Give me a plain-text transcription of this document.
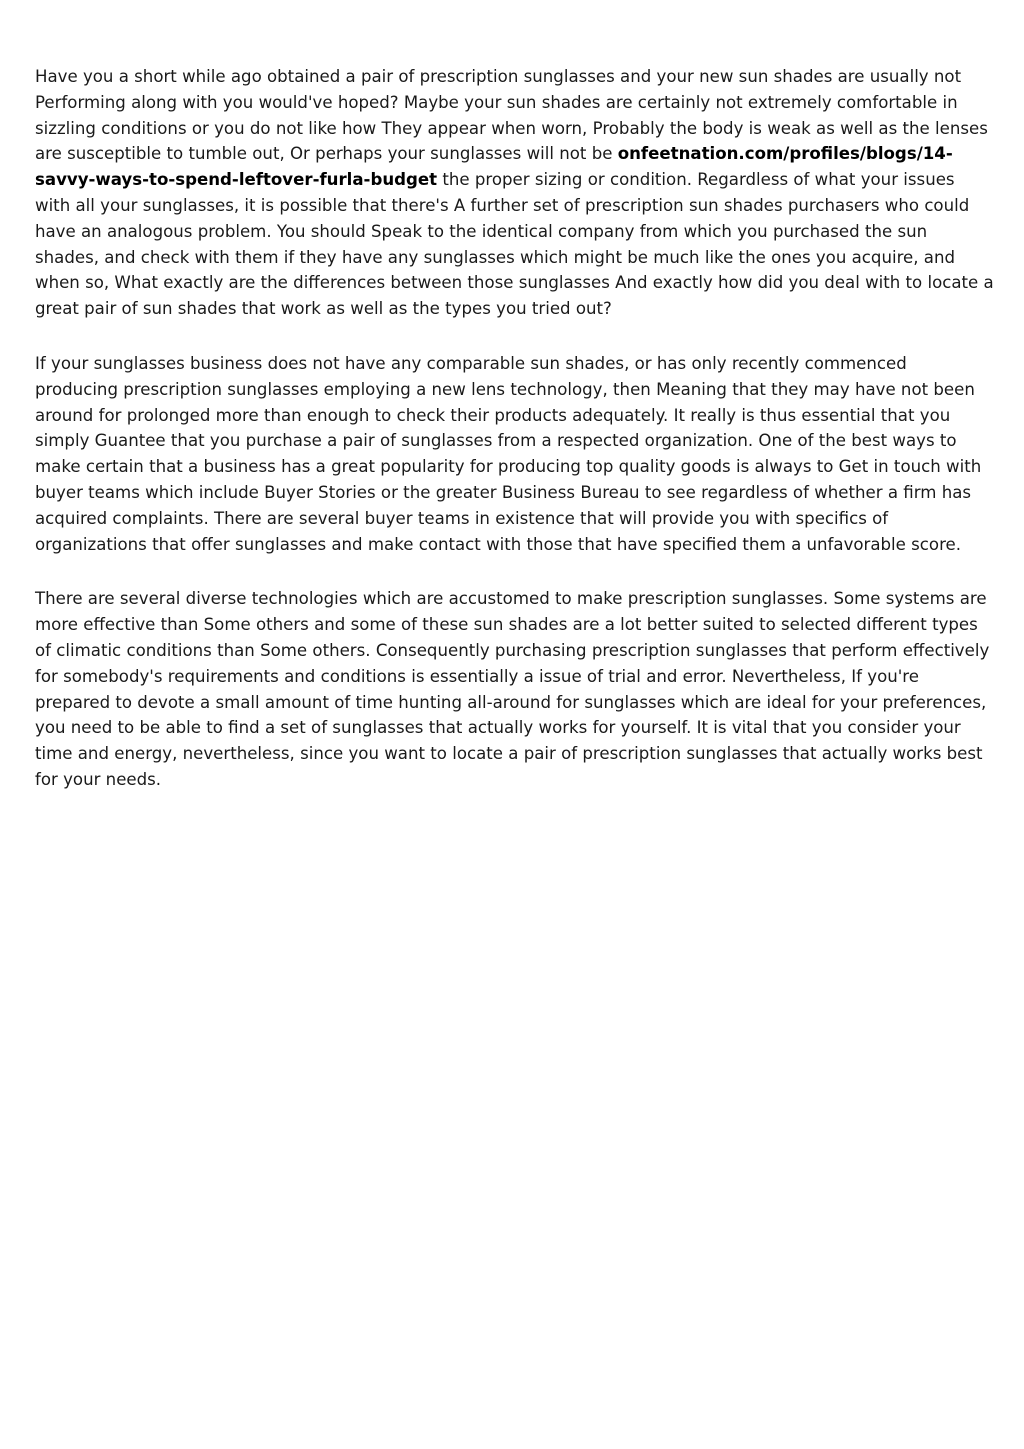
Have you a short while ago obtained a pair of prescription sunglasses and your new sun shades are usually not Performing along with you would've hoped? Maybe your sun shades are certainly not extremely comfortable in sizzling conditions or you do not like how They appear when worn, Probably the body is weak as well as the lenses are susceptible to tumble out, Or perhaps your sunglasses will not be onfeetnation.com/profiles/blogs/14-savvy-ways-to-spend-leftover-furla-budget the proper sizing or condition. Regardless of what your issues with all your sunglasses, it is possible that there's A further set of prescription sun shades purchasers who could have an analogous problem. You should Speak to the identical company from which you purchased the sun shades, and check with them if they have any sunglasses which might be much like the ones you acquire, and when so, What exactly are the differences between those sunglasses And exactly how did you deal with to locate a great pair of sun shades that work as well as the types you tried out?

If your sunglasses business does not have any comparable sun shades, or has only recently commenced producing prescription sunglasses employing a new lens technology, then Meaning that they may have not been around for prolonged more than enough to check their products adequately. It really is thus essential that you simply Guantee that you purchase a pair of sunglasses from a respected organization. One of the best ways to make certain that a business has a great popularity for producing top quality goods is always to Get in touch with buyer teams which include Buyer Stories or the greater Business Bureau to see regardless of whether a firm has acquired complaints. There are several buyer teams in existence that will provide you with specifics of organizations that offer sunglasses and make contact with those that have specified them a unfavorable score.

There are several diverse technologies which are accustomed to make prescription sunglasses. Some systems are more effective than Some others and some of these sun shades are a lot better suited to selected different types of climatic conditions than Some others. Consequently purchasing prescription sunglasses that perform effectively for somebody's requirements and conditions is essentially a issue of trial and error. Nevertheless, If you're prepared to devote a small amount of time hunting all-around for sunglasses which are ideal for your preferences, you need to be able to find a set of sunglasses that actually works for yourself. It is vital that you consider your time and energy, nevertheless, since you want to locate a pair of prescription sunglasses that actually works best for your needs.
